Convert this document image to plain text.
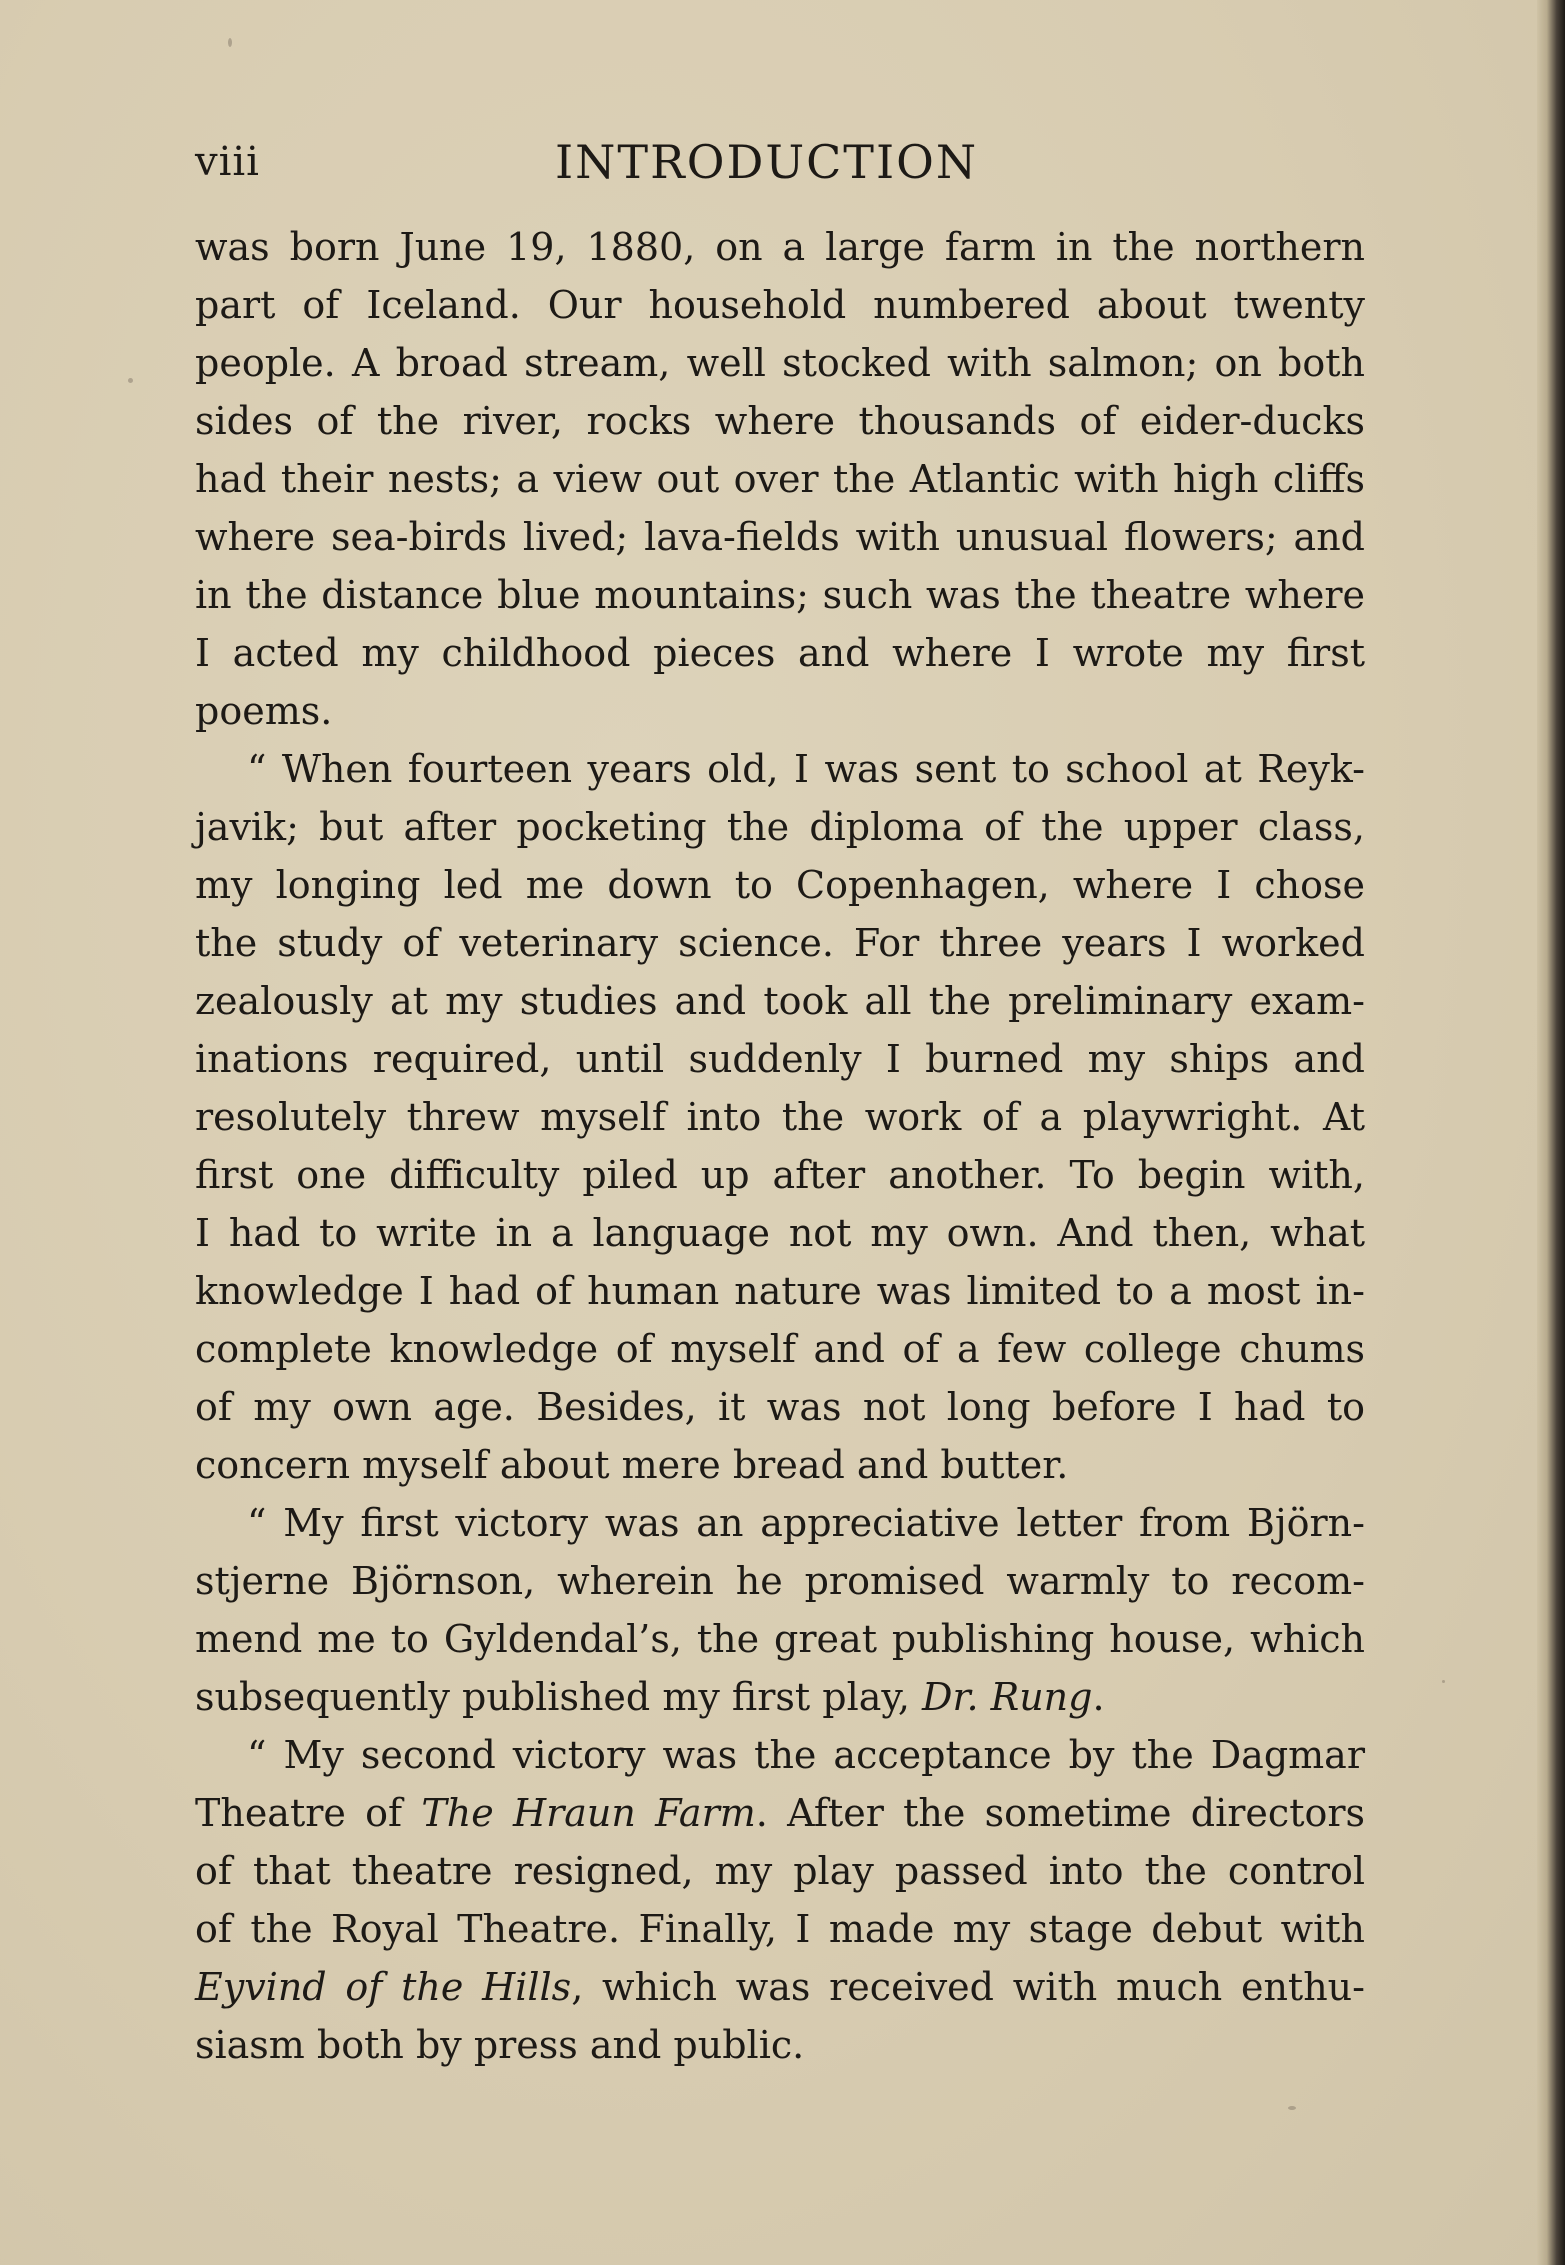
viii	INTRODUCTION
was born June 19, 1880, on a large farm in the northern
part of Iceland. Our household numbered about twenty
people. A broad stream, well stocked with salmon; on both
sides of the river, rocks where thousands of eider-ducks
had their nests; a view out over the Atlantic with high cliffs
where sea-birds lived; lava-fields with unusual flowers; and
in the distance blue mountains; such was the theatre where
I acted my childhood pieces and where I wrote my first
poems.
“ When fourteen years old, I was sent to school at Reyk-
javik; but after pocketing the diploma of the upper class,
my longing led me down to Copenhagen, where I chose
the study of veterinary science. For three years I worked
zealously at my studies and took all the preliminary exam-
inations required, until suddenly I burned my ships and
resolutely threw myself into the work of a playwright. At
first one difficulty piled up after another. To begin with,
I had to write in a language not my own. And then, what
knowledge I had of human nature was limited to a most in-
complete knowledge of myself and of a few college chums
of my own age. Besides, it was not long before I had to
concern myself about mere bread and butter.
“ My first victory was an appreciative letter from Björn-
stjerne Björnson, wherein he promised warmly to recom-
mend me to Gyldendal’s, the great publishing house, which
subsequently published my first play, Dr. Rung.
“ My second victory was the acceptance by the Dagmar
Theatre of The Hraun Farm. After the sometime directors
of that theatre resigned, my play passed into the control
of the Royal Theatre. Finally, I made my stage debut with
Eyvind of the Hills, which was received with much enthu-
siasm both by press and public.
